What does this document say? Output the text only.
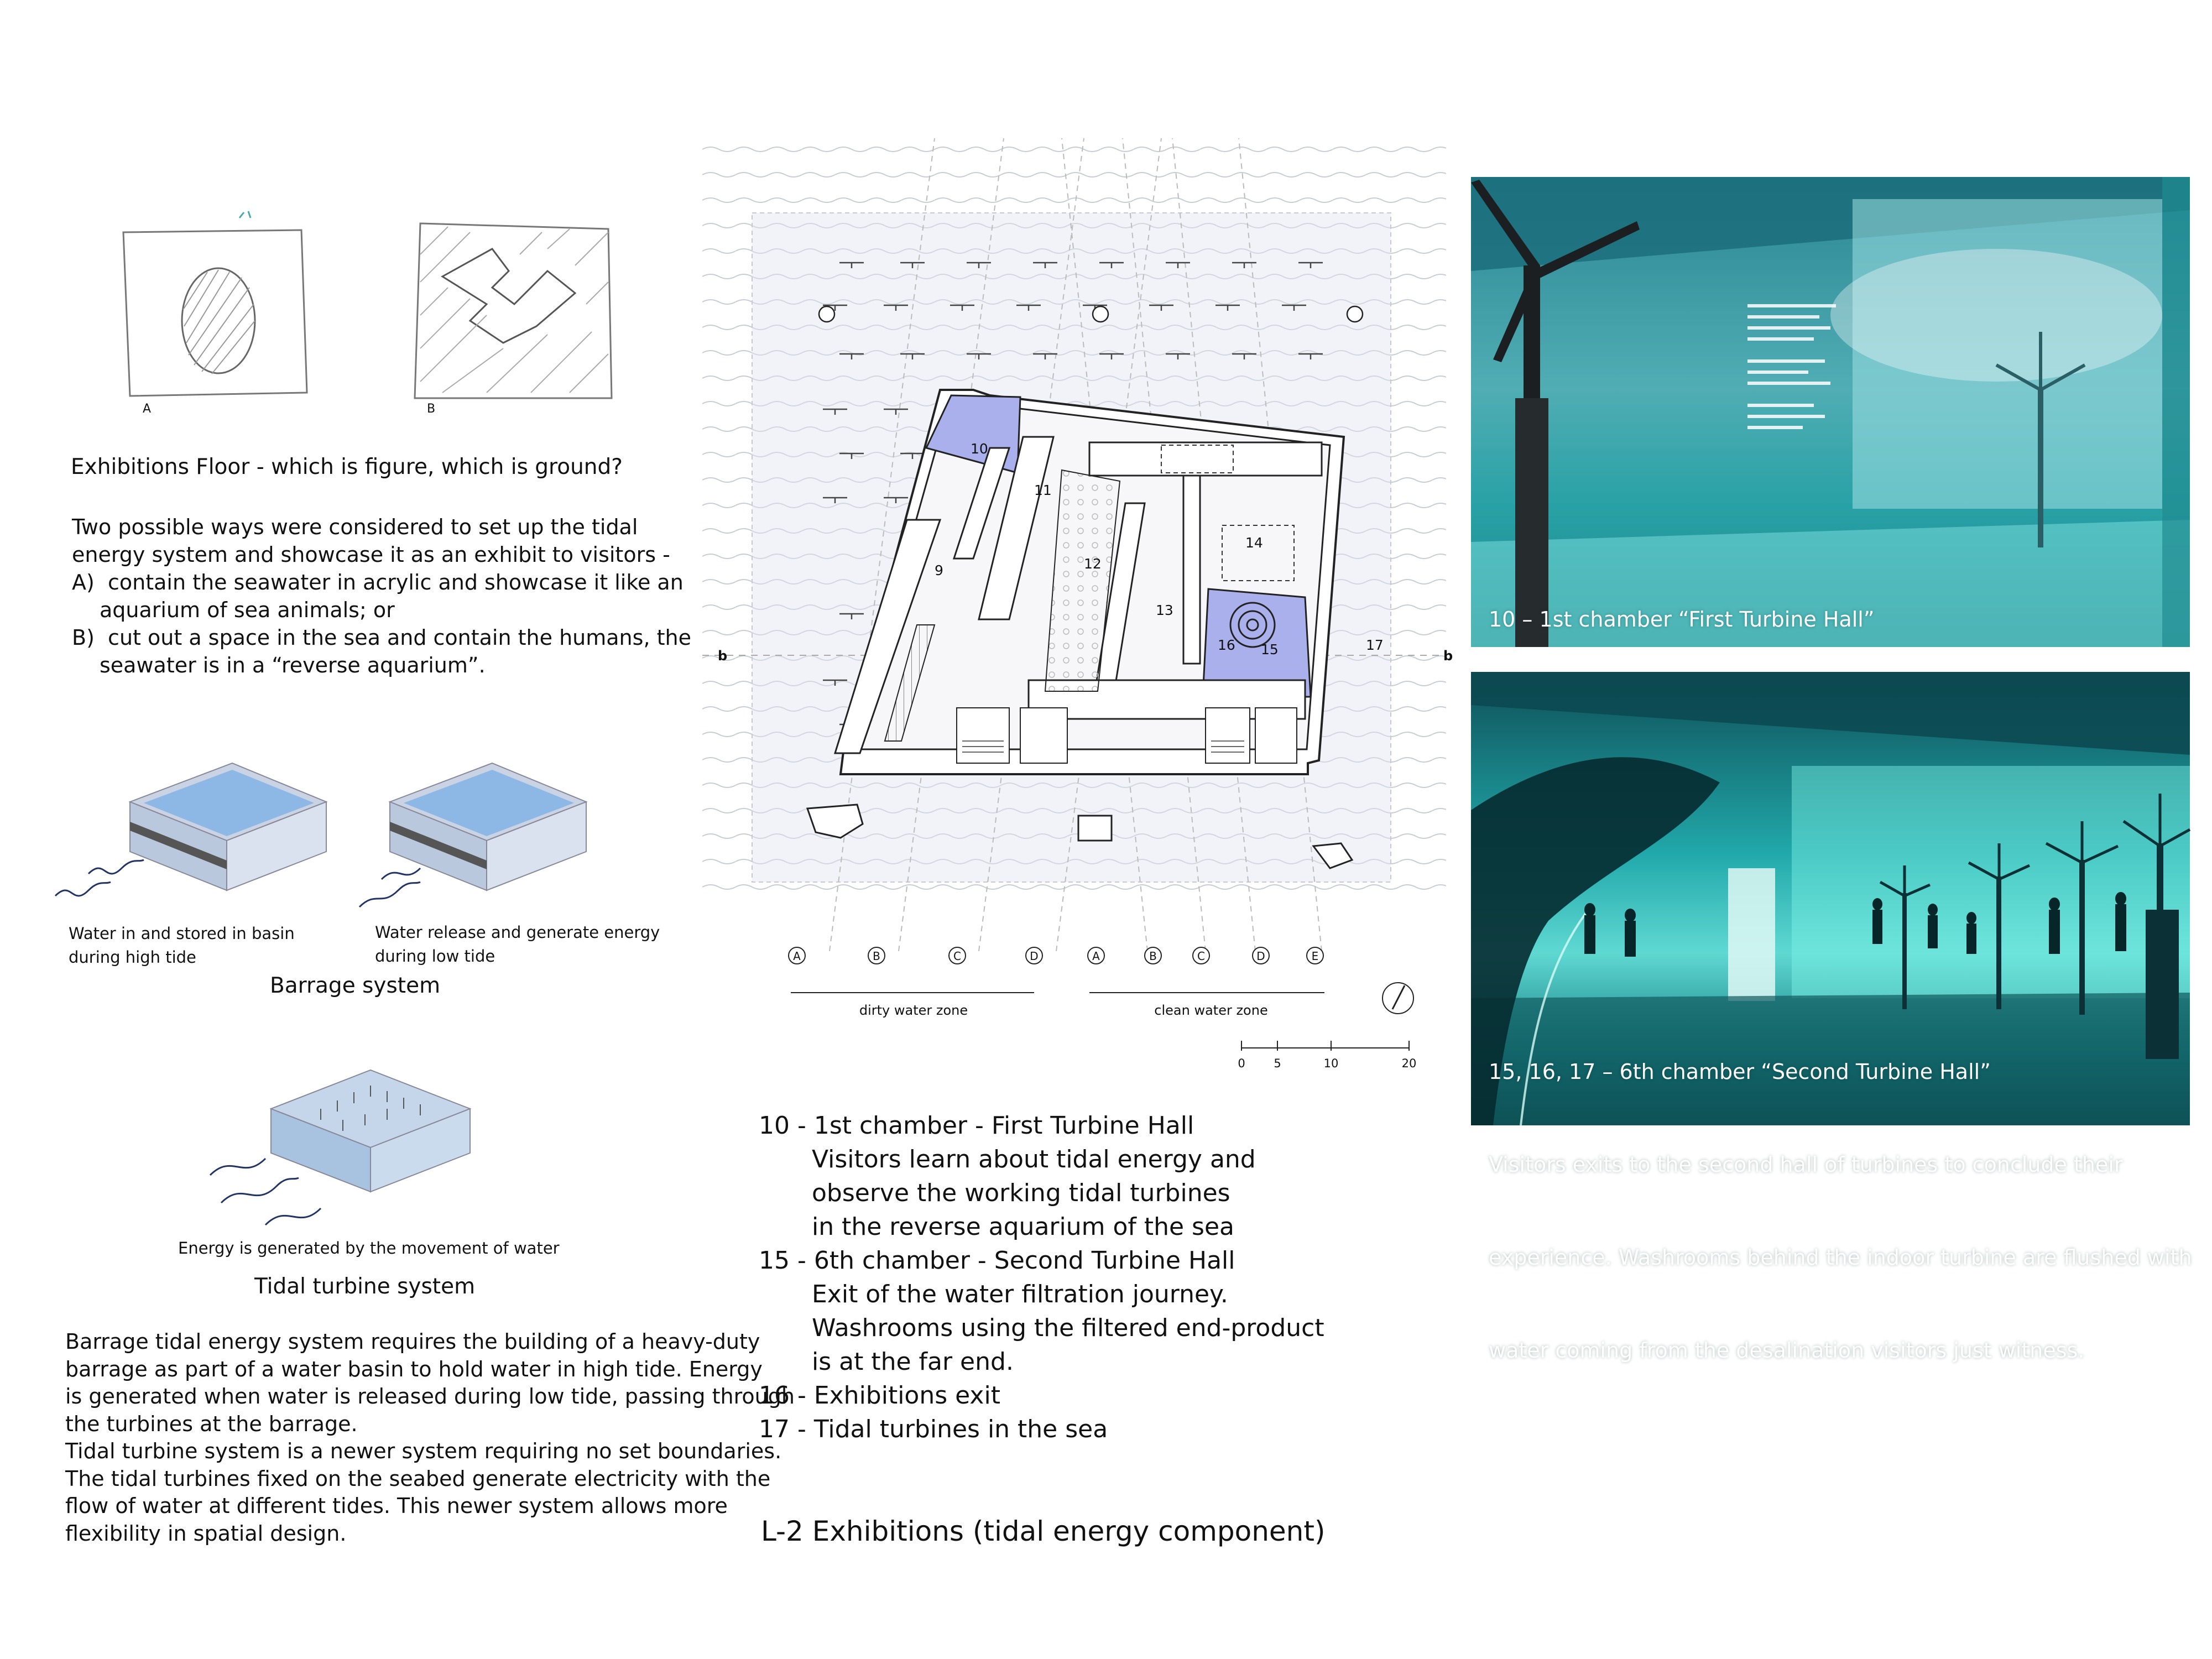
A	B
Exhibitions Floor - which is figure, which is ground?
Two possible ways were considered to set up the tidal
energy system and showcase it as an exhibit to visitors -
A)  contain the seawater in acrylic and showcase it like an
aquarium of sea animals; or
B)  cut out a space in the sea and contain the humans, the
seawater is in a “reverse aquarium”.
Water in and stored in basin
during high tide
Water release and generate energy
during low tide
Barrage system
Energy is generated by the movement of water
Tidal turbine system
Barrage tidal energy system requires the building of a heavy-duty
barrage as part of a water basin to hold water in high tide. Energy
is generated when water is released during low tide, passing through
the turbines at the barrage.
Tidal turbine system is a newer system requiring no set boundaries.
The tidal turbines fixed on the seabed generate electricity with the
flow of water at different tides. This newer system allows more
flexibility in spatial design.
9
10
11
12
13
14
15
16	17
b	b
A	B	C	D	A	B	C	D	E
dirty water zone	clean water zone
0 5	10	20
10 - 1st chamber - First Turbine Hall
Visitors learn about tidal energy and
observe the working tidal turbines
in the reverse aquarium of the sea
15 - 6th chamber - Second Turbine Hall
Exit of the water filtration journey.
Washrooms using the filtered end-product
is at the far end.
16 - Exhibitions exit
17 - Tidal turbines in the sea
L-2 Exhibitions (tidal energy component)

10 – 1st chamber “First Turbine Hall”

15, 16, 17 – 6th chamber “Second Turbine Hall”

Visitors exits to the second hall of turbines to conclude their

experience. Washrooms behind the indoor turbine are flushed with

water coming from the desalination visitors just witness.
